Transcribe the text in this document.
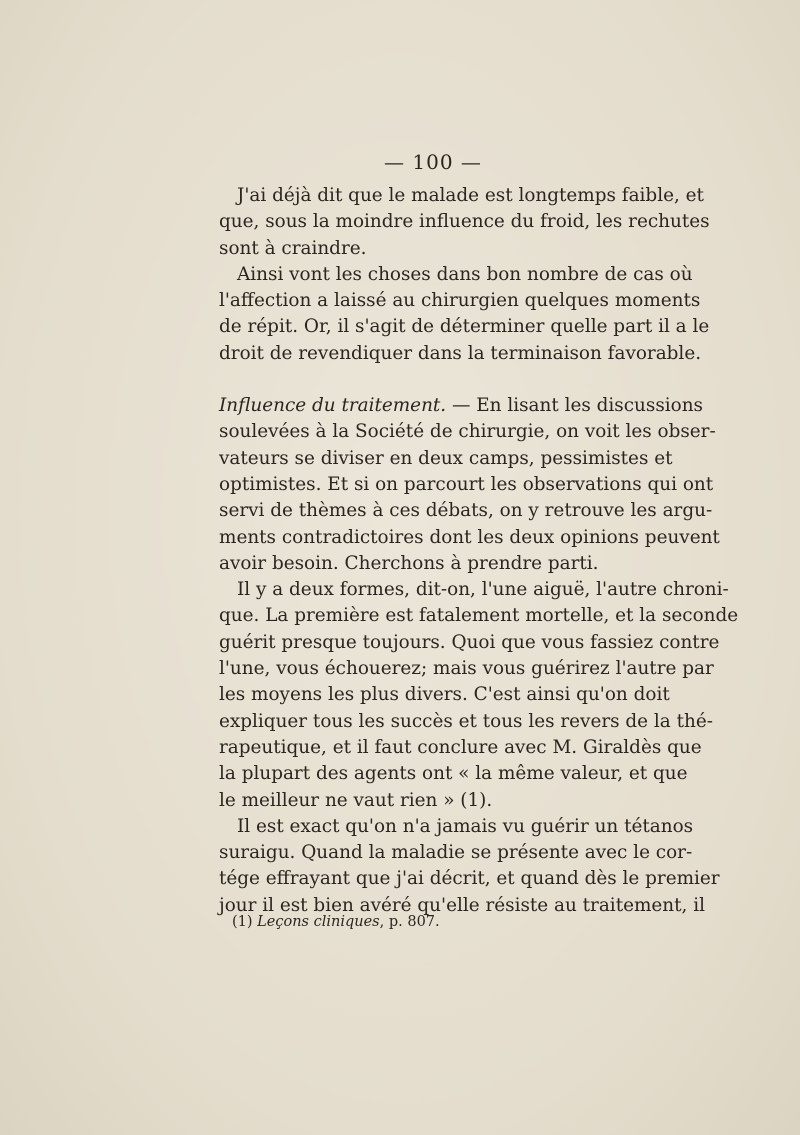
— 100 —
J'ai déjà dit que le malade est longtemps faible, et
que, sous la moindre influence du froid, les rechutes
sont à craindre.
Ainsi vont les choses dans bon nombre de cas où
l'affection a laissé au chirurgien quelques moments
de répit. Or, il s'agit de déterminer quelle part il a le
droit de revendiquer dans la terminaison favorable.
Influence du traitement. — En lisant les discussions
soulevées à la Société de chirurgie, on voit les obser-
vateurs se diviser en deux camps, pessimistes et
optimistes. Et si on parcourt les observations qui ont
servi de thèmes à ces débats, on y retrouve les argu-
ments contradictoires dont les deux opinions peuvent
avoir besoin. Cherchons à prendre parti.
Il y a deux formes, dit-on, l'une aiguë, l'autre chroni-
que. La première est fatalement mortelle, et la seconde
guérit presque toujours. Quoi que vous fassiez contre
l'une, vous échouerez; mais vous guérirez l'autre par
les moyens les plus divers. C'est ainsi qu'on doit
expliquer tous les succès et tous les revers de la thé-
rapeutique, et il faut conclure avec M. Giraldès que
la plupart des agents ont « la même valeur, et que
le meilleur ne vaut rien » (1).
Il est exact qu'on n'a jamais vu guérir un tétanos
suraigu. Quand la maladie se présente avec le cor-
tége effrayant que j'ai décrit, et quand dès le premier
jour il est bien avéré qu'elle résiste au traitement, il
(1) Leçons cliniques, p. 807.
